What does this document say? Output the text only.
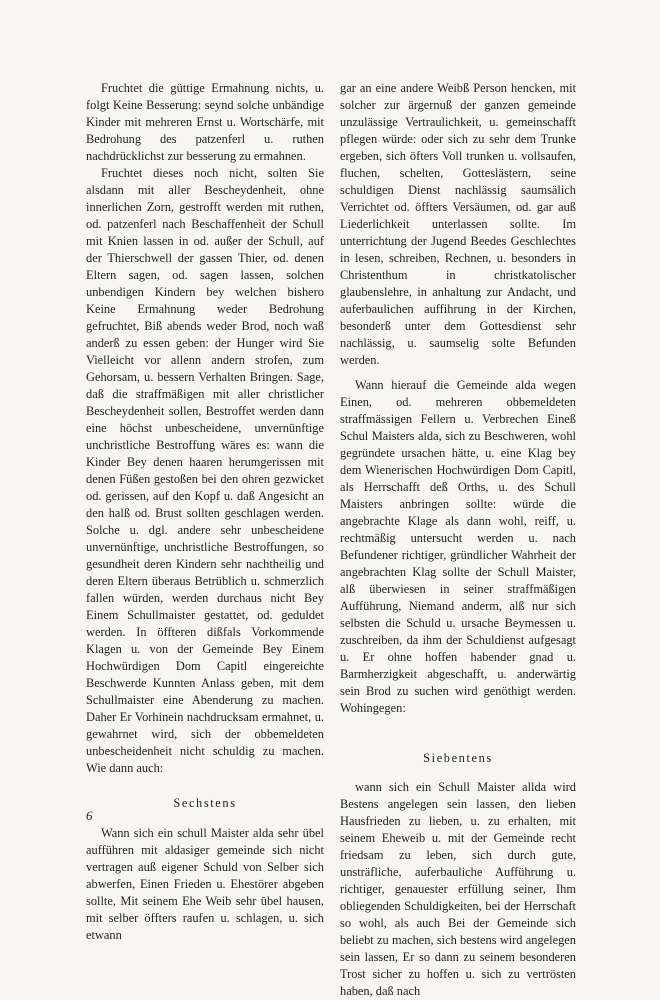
Fruchtet die güttige Ermahnung nichts, u. folgt Keine Besserung: seynd solche unbändige Kinder mit mehreren Ernst u. Wortschärfe, mit Bedrohung des patzenferl u. ruthen nachdrücklichst zur besserung zu ermahnen.

Fruchtet dieses noch nicht, solten Sie alsdann mit aller Bescheydenheit, ohne innerlichen Zorn, gestrofft werden mit ruthen, od. patzenferl nach Beschaffenheit der Schull mit Knien lassen in od. außer der Schull, auf der Thierschwell der gassen Thier, od. denen Eltern sagen, od. sagen lassen, solchen unbendigen Kindern bey welchen bishero Keine Ermahnung weder Bedrohung gefruchtet, Biß abends weder Brod, noch waß anderß zu essen geben: der Hunger wird Sie Vielleicht vor allenn andern strofen, zum Gehorsam, u. bessern Verhalten Bringen. Sage, daß die straffmäßigen mit aller christlicher Bescheydenheit sollen, Bestroffet werden dann eine höchst unbescheidene, unvernünftige unchristliche Bestroffung wäres es: wann die Kinder Bey denen haaren herumgerissen mit denen Füßen gestoßen bei den ohren gezwicket od. gerissen, auf den Kopf u. daß Angesicht an den halß od. Brust sollten geschlagen werden. Solche u. dgl. andere sehr unbescheidene unvernünftige, unchristliche Bestroffungen, so gesundheit deren Kindern sehr nachtheilig und deren Eltern überaus Betrüblich u. schmerzlich fallen würden, werden durchaus nicht Bey Einem Schullmaister gestattet, od. geduldet werden. In öffteren dißfals Vorkommende Klagen u. von der Gemeinde Bey Einem Hochwürdigen Dom Capitl eingereichte Beschwerde Kunnten Anlass geben, mit dem Schullmaister eine Abenderung zu machen. Daher Er Vorhinein nachdrucksam ermahnet, u. gewahrnet wird, sich der obbemeldeten unbescheidenheit nicht schuldig zu machen. Wie dann auch:

Sechstens

Wann sich ein schull Maister alda sehr übel aufführen mit aldasiger gemeinde sich nicht vertragen auß eigener Schuld von Selber sich abwerfen, Einen Frieden u. Ehestörer abgeben sollte, Mit seinem Ehe Weib sehr übel hausen, mit selber öffters raufen u. schlagen, u. sich etwann

gar an eine andere Weibß Person hencken, mit solcher zur ärgernuß der ganzen gemeinde unzulässige Vertraulichkeit, u. gemeinschafft pflegen würde: oder sich zu sehr dem Trunke ergeben, sich öfters Voll trunken u. vollsaufen, fluchen, schelten, Gotteslästern, seine schuldigen Dienst nachlässig saumsälich Verrichtet od. öffters Versäumen, od. gar auß Liederlichkeit unterlassen sollte. Im unterrichtung der Jugend Beedes Geschlechtes in lesen, schreiben, Rechnen, u. besonders in Christenthum in christkatolischer glaubenslehre, in anhaltung zur Andacht, und auferbaulichen auffihrung in der Kirchen, besonderß unter dem Gottesdienst sehr nachlässig, u. saumselig solte Befunden werden.

Wann hierauf die Gemeinde alda wegen Einen, od. mehreren obbemeldeten straffmässigen Fellern u. Verbrechen Eineß Schul Maisters alda, sich zu Beschweren, wohl gegründete ursachen hätte, u. eine Klag bey dem Wienerischen Hochwürdigen Dom Capitl, als Herrschafft deß Orths, u. des Schull Maisters anbringen sollte: würde die angebrachte Klage als dann wohl, reiff, u. rechtmäßig untersucht werden u. nach Befundener richtiger, gründlicher Wahrheit der angebrachten Klag sollte der Schull Maister, alß überwiesen in seiner straffmäßigen Aufführung, Niemand anderm, alß nur sich selbsten die Schuld u. ursache Beymessen u. zuschreiben, da ihm der Schuldienst aufgesagt u. Er ohne hoffen habender gnad u. Barmherzigkeit abgeschafft, u. anderwärtig sein Brod zu suchen wird genöthigt werden. Wohingegen:

Siebentens

wann sich ein Schull Maister allda wird Bestens angelegen sein lassen, den lieben Hausfrieden zu lieben, u. zu erhalten, mit seinem Eheweib u. mit der Gemeinde recht friedsam zu leben, sich durch gute, unsträfliche, auferbauliche Aufführung u. richtiger, genauester erfüllung seiner, Ihm obliegenden Schuldigkeiten, bei der Herrschaft so wohl, als auch Bei der Gemeinde sich beliebt zu machen, sich bestens wird angelegen sein lassen, Er so dann zu seinem besonderen Trost sicher zu hoffen u. sich zu vertrösten haben, daß nach

6
